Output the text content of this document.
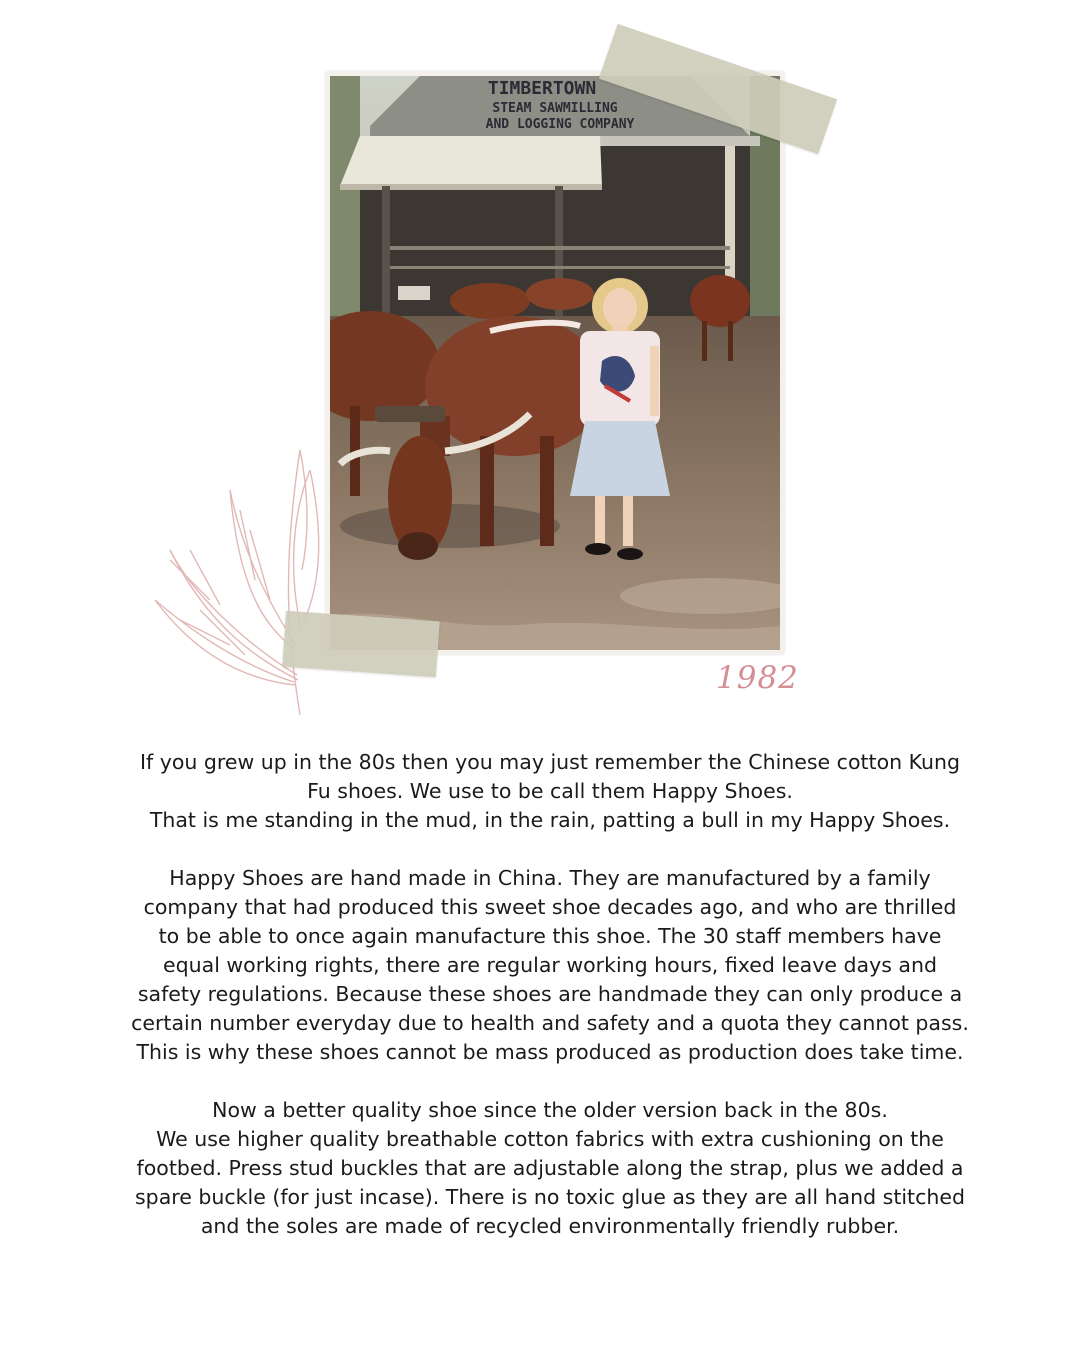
TIMBERTOWN
STEAM SAWMILLING
AND LOGGING COMPANY
1982

If you grew up in the 80s then you may just remember the Chinese cotton Kung

Fu shoes. We use to be call them Happy Shoes.

That is me standing in the mud, in the rain, patting a bull in my Happy Shoes.

Happy Shoes are hand made in China. They are manufactured by a family

company that had produced this sweet shoe decades ago, and who are thrilled

to be able to once again manufacture this shoe. The 30 staff members have

equal working rights, there are regular working hours, fixed leave days and

safety regulations. Because these shoes are handmade they can only produce a

certain number everyday due to health and safety and a quota they cannot pass.

This is why these shoes cannot be mass produced as production does take time.

Now a better quality shoe since the older version back in the 80s.

We use higher quality breathable cotton fabrics with extra cushioning on the

footbed. Press stud buckles that are adjustable along the strap, plus we added a

spare buckle (for just incase). There is no toxic glue as they are all hand stitched

and the soles are made of recycled environmentally friendly rubber.
